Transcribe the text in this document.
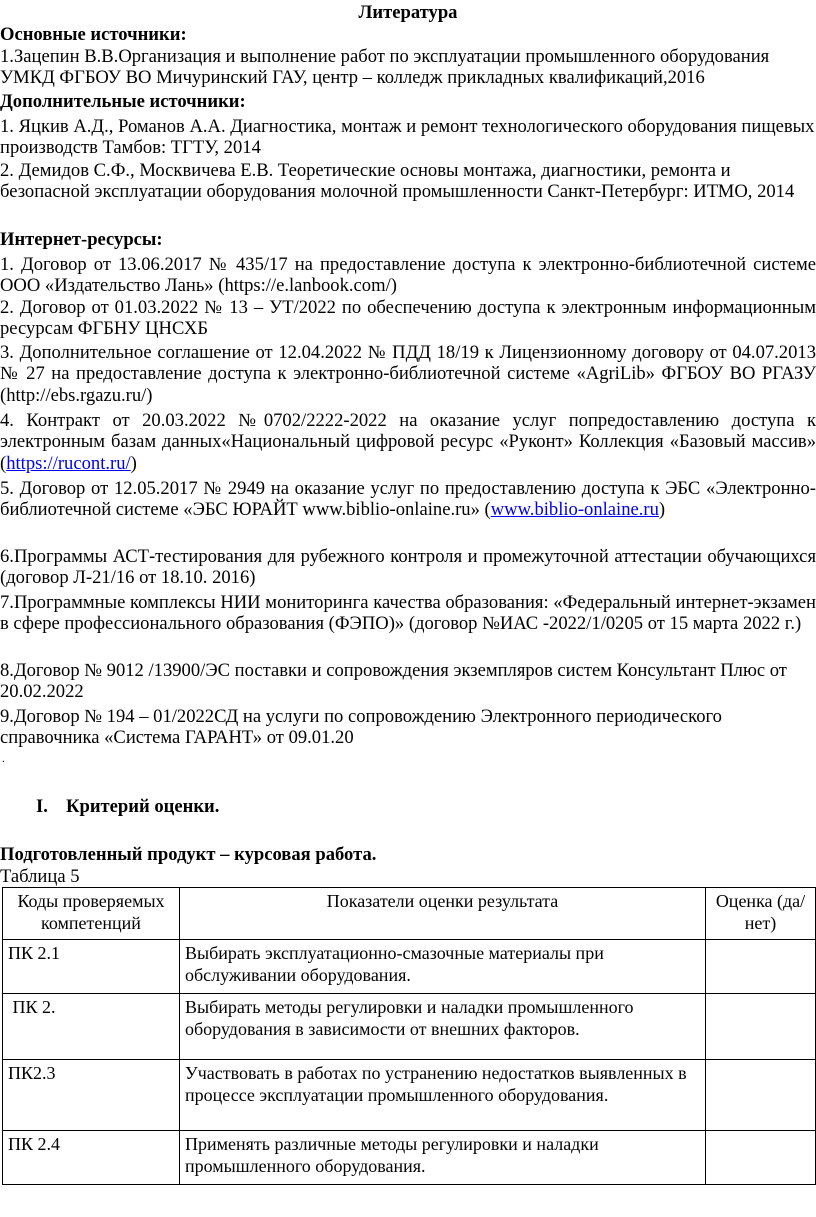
Литература

Основные источники:

1.Зацепин В.В.Организация и выполнение работ по эксплуатации промышленного оборудования УМКД ФГБОУ ВО Мичуринский ГАУ, центр – колледж прикладных квалификаций,2016

Дополнительные источники:

1. Яцкив А.Д., Романов А.А. Диагностика, монтаж и ремонт технологического оборудования пищевых производств Тамбов: ТГТУ, 2014

2. Демидов С.Ф., Москвичева Е.В. Теоретические основы монтажа, диагностики, ремонта и безопасной эксплуатации оборудования молочной промышленности Санкт-Петербург: ИТМО, 2014

Интернет-ресурсы:

1. Договор от 13.06.2017 № 435/17 на предоставление доступа к электронно-библиотечной системе ООО «Издательство Лань» (https://e.lanbook.com/)

2. Договор от 01.03.2022 № 13 – УТ/2022 по обеспечению доступа к электронным информационным ресурсам ФГБНУ ЦНСХБ

3. Дополнительное соглашение от 12.04.2022 № ПДД 18/19 к Лицензионному договору от 04.07.2013 № 27 на предоставление доступа к электронно-библиотечной системе «AgriLib» ФГБОУ ВО РГАЗУ (http://ebs.rgazu.ru/)

4. Контракт от 20.03.2022 №0702/2222-2022 на оказание услуг попредоставлению доступа к электронным базам данных«Национальный цифровой ресурс «Руконт» Коллекция «Базовый массив» (https://rucont.ru/)

5. Договор от 12.05.2017 № 2949 на оказание услуг по предоставлению доступа к ЭБС «Электронно-библиотечной системе «ЭБС ЮРАЙТ www.biblio-onlaine.ru» (www.biblio-onlaine.ru)

6.Программы АСТ-тестирования для рубежного контроля и промежуточной аттестации обучающихся (договор Л-21/16 от 18.10. 2016)

7.Программные комплексы НИИ мониторинга качества образования: «Федеральный интернет-экзамен в сфере профессионального образования (ФЭПО)» (договор №ИАС -2022/1/0205 от 15 марта 2022 г.)

8.Договор № 9012 /13900/ЭС поставки и сопровождения экземпляров систем Консультант Плюс от 20.02.2022

9.Договор № 194 – 01/2022СД на услуги по сопровождению Электронного периодического справочника «Система ГАРАНТ» от 09.01.20

.
I. Критерий оценки.
Подготовленный продукт – курсовая работа.
Таблица 5
Коды проверяемых компетенций	Показатели оценки результата	Оценка (да/нет)
ПК 2.1	Выбирать эксплуатационно-смазочные материалы при обслуживании оборудования.	
ПК 2.	Выбирать методы регулировки и наладки промышленного оборудования в зависимости от внешних факторов.	
ПК2.3	Участвовать в работах по устранению недостатков выявленных в процессе эксплуатации промышленного оборудования.	
ПК 2.4	Применять различные методы регулировки и наладки промышленного оборудования.	
